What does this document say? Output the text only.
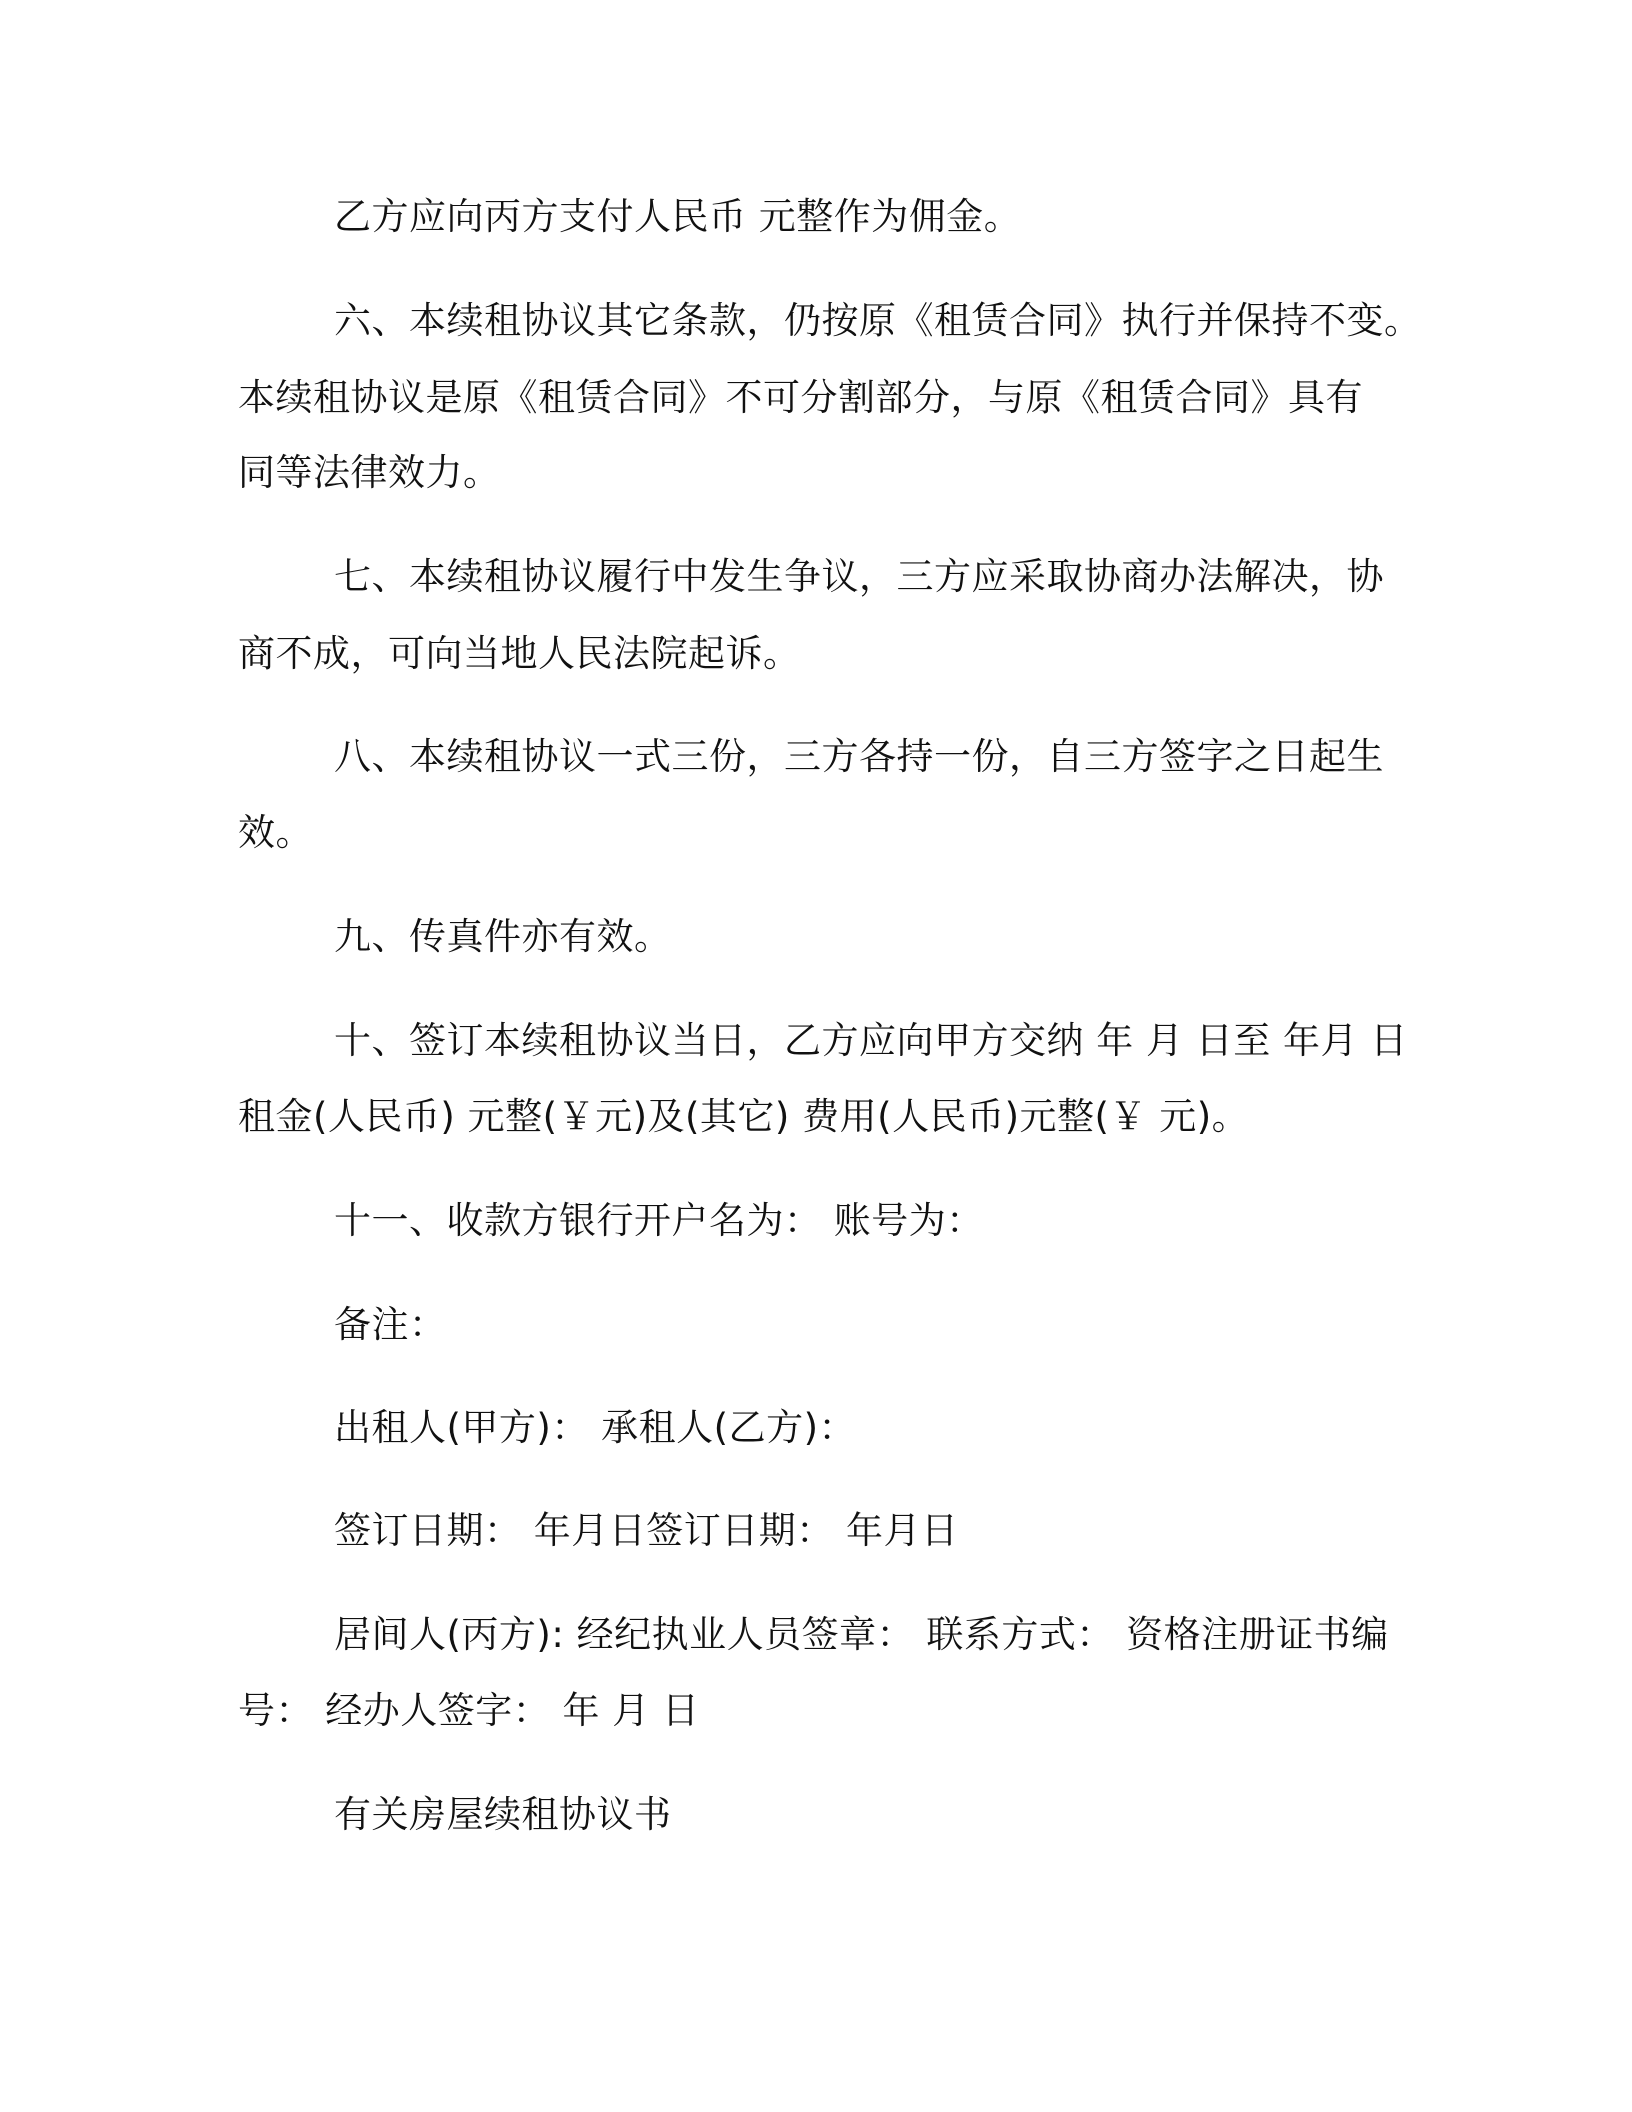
乙方应向丙方支付人民币 元整作为佣金。
六、本续租协议其它条款，仍按原《租赁合同》执行并保持不变。
本续租协议是原《租赁合同》不可分割部分，与原《租赁合同》具有
同等法律效力。
七、本续租协议履行中发生争议，三方应采取协商办法解决，协
商不成，可向当地人民法院起诉。
八、本续租协议一式三份，三方各持一份，自三方签字之日起生
效。
九、传真件亦有效。
十、签订本续租协议当日，乙方应向甲方交纳 年 月 日至 年月 日
租金(人民币) 元整(￥元)及(其它) 费用(人民币)元整(￥ 元)。
十一、收款方银行开户名为： 账号为：
备注：
出租人(甲方)： 承租人(乙方)：
签订日期： 年月日签订日期： 年月日
居间人(丙方): 经纪执业人员签章： 联系方式： 资格注册证书编
号： 经办人签字： 年 月 日
有关房屋续租协议书
